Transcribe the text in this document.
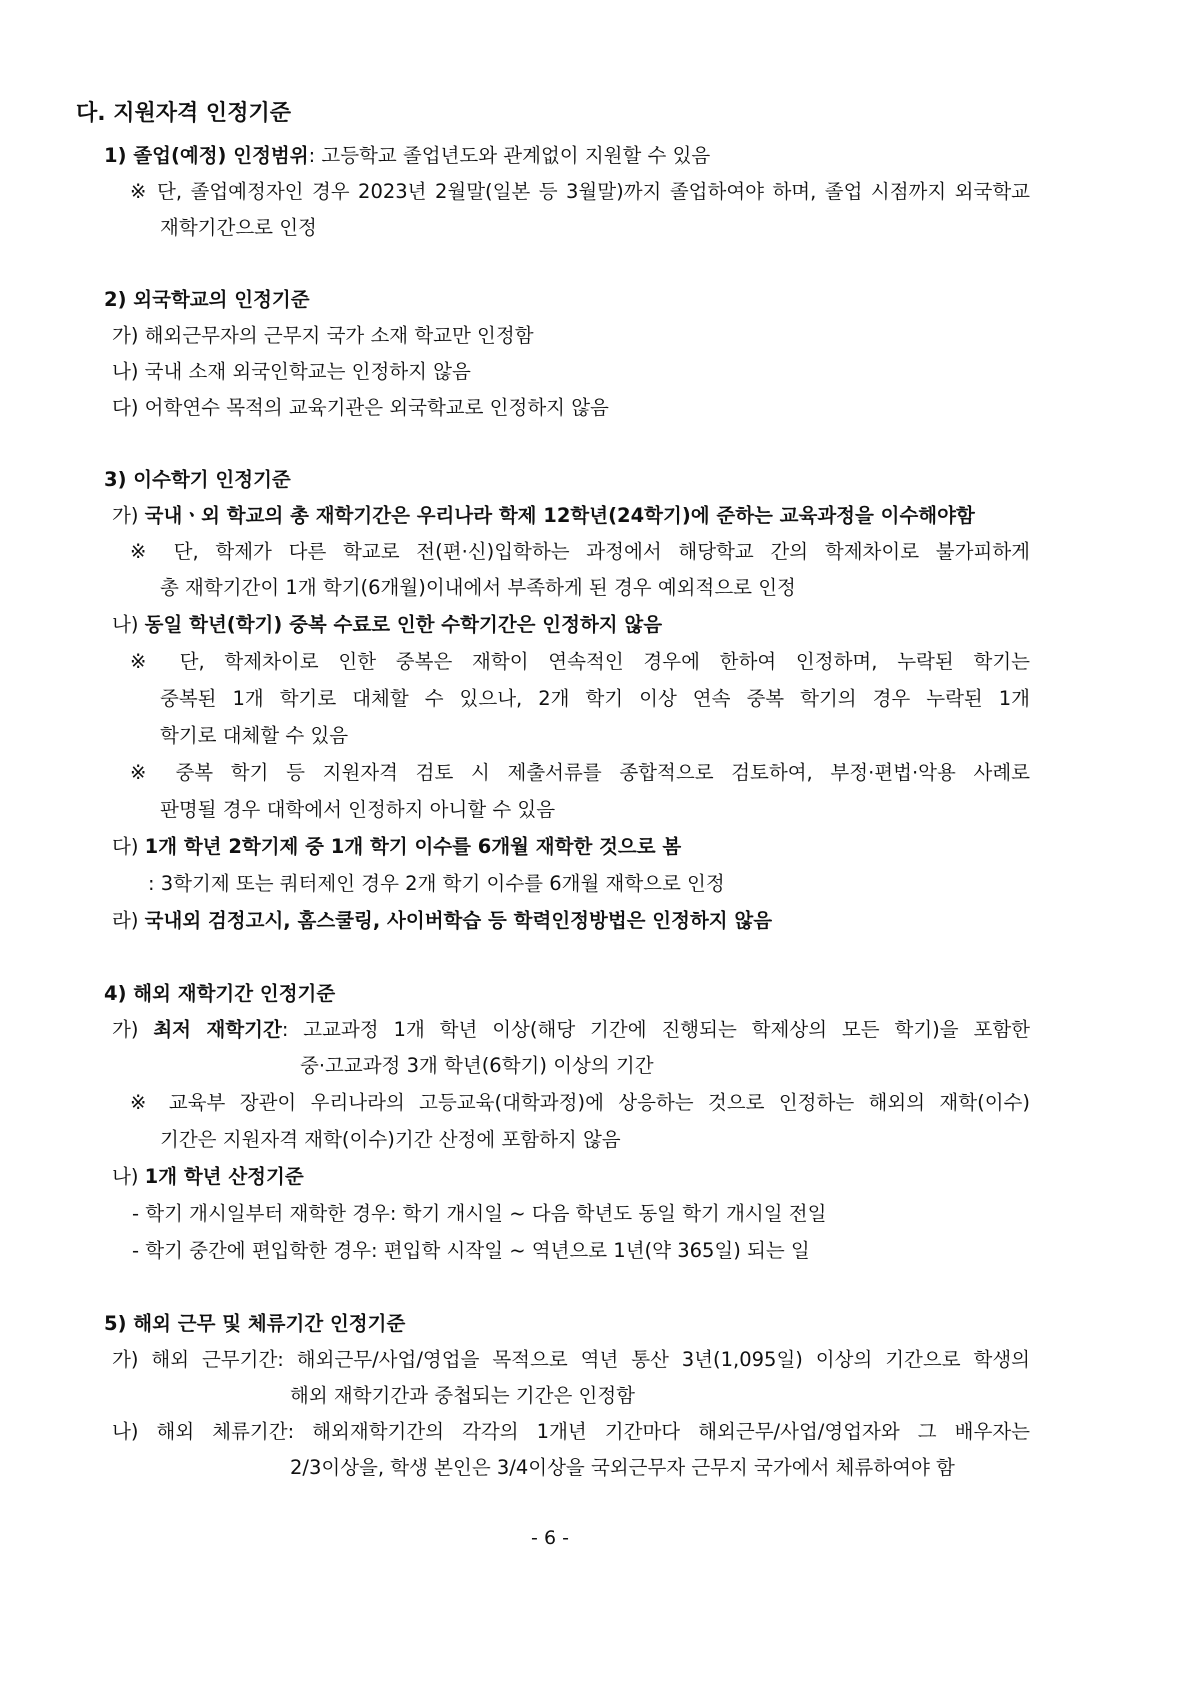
다. 지원자격 인정기준
1) 졸업(예정) 인정범위: 고등학교 졸업년도와 관계없이 지원할 수 있음
※ 단, 졸업예정자인 경우 2023년 2월말(일본 등 3월말)까지 졸업하여야 하며, 졸업 시점까지 외국학교
재학기간으로 인정
2) 외국학교의 인정기준
가) 해외근무자의 근무지 국가 소재 학교만 인정함
나) 국내 소재 외국인학교는 인정하지 않음
다) 어학연수 목적의 교육기관은 외국학교로 인정하지 않음
3) 이수학기 인정기준
가) 국내ㆍ외 학교의 총 재학기간은 우리나라 학제 12학년(24학기)에 준하는 교육과정을 이수해야함
※ 단, 학제가 다른 학교로 전(편·신)입학하는 과정에서 해당학교 간의 학제차이로 불가피하게
총 재학기간이 1개 학기(6개월)이내에서 부족하게 된 경우 예외적으로 인정
나) 동일 학년(학기) 중복 수료로 인한 수학기간은 인정하지 않음
※ 단, 학제차이로 인한 중복은 재학이 연속적인 경우에 한하여 인정하며, 누락된 학기는
중복된 1개 학기로 대체할 수 있으나, 2개 학기 이상 연속 중복 학기의 경우 누락된 1개
학기로 대체할 수 있음
※ 중복 학기 등 지원자격 검토 시 제출서류를 종합적으로 검토하여, 부정·편법·악용 사례로
판명될 경우 대학에서 인정하지 아니할 수 있음
다) 1개 학년 2학기제 중 1개 학기 이수를 6개월 재학한 것으로 봄
: 3학기제 또는 쿼터제인 경우 2개 학기 이수를 6개월 재학으로 인정
라) 국내외 검정고시, 홈스쿨링, 사이버학습 등 학력인정방법은 인정하지 않음
4) 해외 재학기간 인정기준
가) 최저 재학기간: 고교과정 1개 학년 이상(해당 기간에 진행되는 학제상의 모든 학기)을 포함한
중·고교과정 3개 학년(6학기) 이상의 기간
※ 교육부 장관이 우리나라의 고등교육(대학과정)에 상응하는 것으로 인정하는 해외의 재학(이수)
기간은 지원자격 재학(이수)기간 산정에 포함하지 않음
나) 1개 학년 산정기준
- 학기 개시일부터 재학한 경우: 학기 개시일 ~ 다음 학년도 동일 학기 개시일 전일
- 학기 중간에 편입학한 경우: 편입학 시작일 ~ 역년으로 1년(약 365일) 되는 일
5) 해외 근무 및 체류기간 인정기준
가) 해외 근무기간: 해외근무/사업/영업을 목적으로 역년 통산 3년(1,095일) 이상의 기간으로 학생의
해외 재학기간과 중첩되는 기간은 인정함
나) 해외 체류기간: 해외재학기간의 각각의 1개년 기간마다 해외근무/사업/영업자와 그 배우자는
2/3이상을, 학생 본인은 3/4이상을 국외근무자 근무지 국가에서 체류하여야 함
- 6 -
